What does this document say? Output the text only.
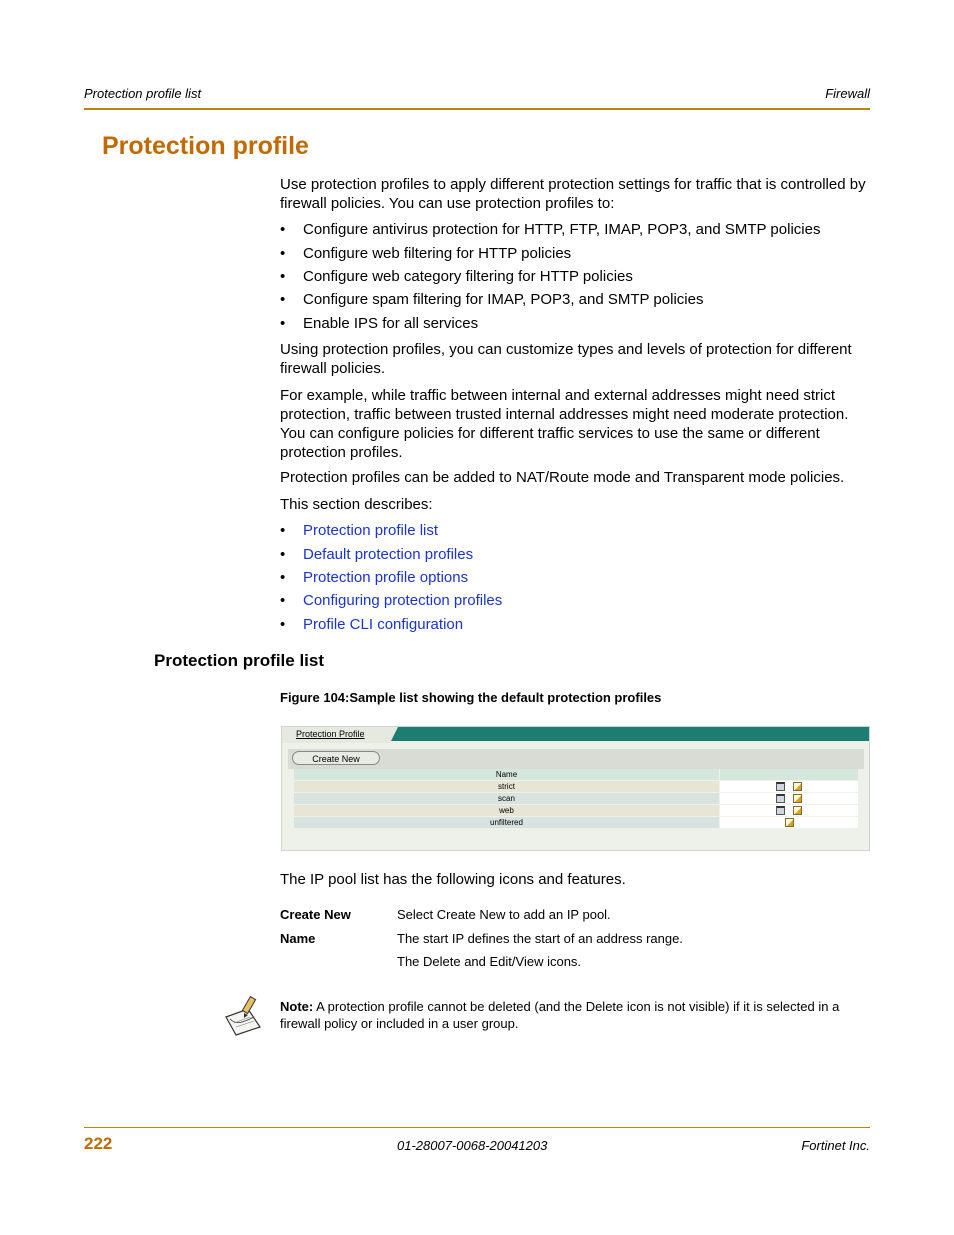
Protection profile list	Firewall
Protection profile
Use protection profiles to apply different protection settings for traffic that is controlled by firewall policies. You can use protection profiles to:
• Configure antivirus protection for HTTP, FTP, IMAP, POP3, and SMTP policies
• Configure web filtering for HTTP policies
• Configure web category filtering for HTTP policies
• Configure spam filtering for IMAP, POP3, and SMTP policies
• Enable IPS for all services
Using protection profiles, you can customize types and levels of protection for different firewall policies.
For example, while traffic between internal and external addresses might need strict protection, traffic between trusted internal addresses might need moderate protection. You can configure policies for different traffic services to use the same or different protection profiles.
Protection profiles can be added to NAT/Route mode and Transparent mode policies.
This section describes:
• Protection profile list
• Default protection profiles
• Protection profile options
• Configuring protection profiles
• Profile CLI configuration
Protection profile list
Figure 104:Sample list showing the default protection profiles
Protection Profile
Create New
Name	
strict	
scan	
web	
unfiltered	
The IP pool list has the following icons and features.
Create New	Select Create New to add an IP pool.
Name	The start IP defines the start of an address range.
The Delete and Edit/View icons.
Note: A protection profile cannot be deleted (and the Delete icon is not visible) if it is selected in a firewall policy or included in a user group.
222	01-28007-0068-20041203	Fortinet Inc.
